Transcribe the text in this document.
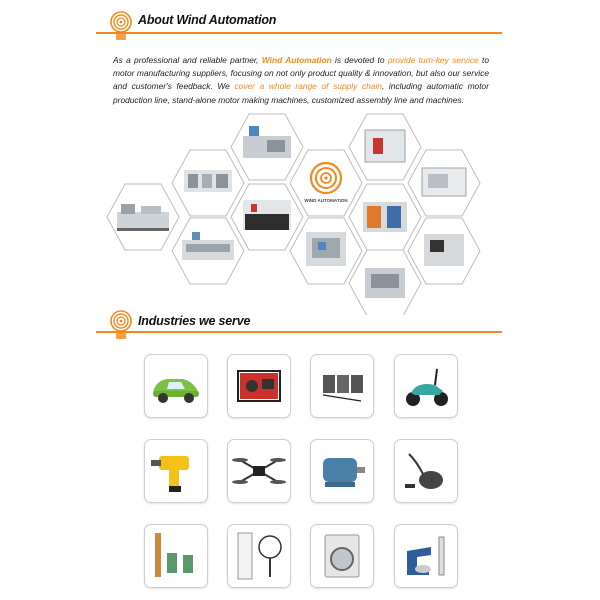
About Wind Automation
As a professional and reliable partner, Wind Automation is devoted to provide turn-key service to motor manufacturing suppliers, focusing on not only product quality & innovation, but also our service and customer's feedback. We cover a whole range of supply chain, including automatic motor production line, stand-alone motor making machines, customized assembly line and machines.
WIND AUTOMATION
Industries we serve
